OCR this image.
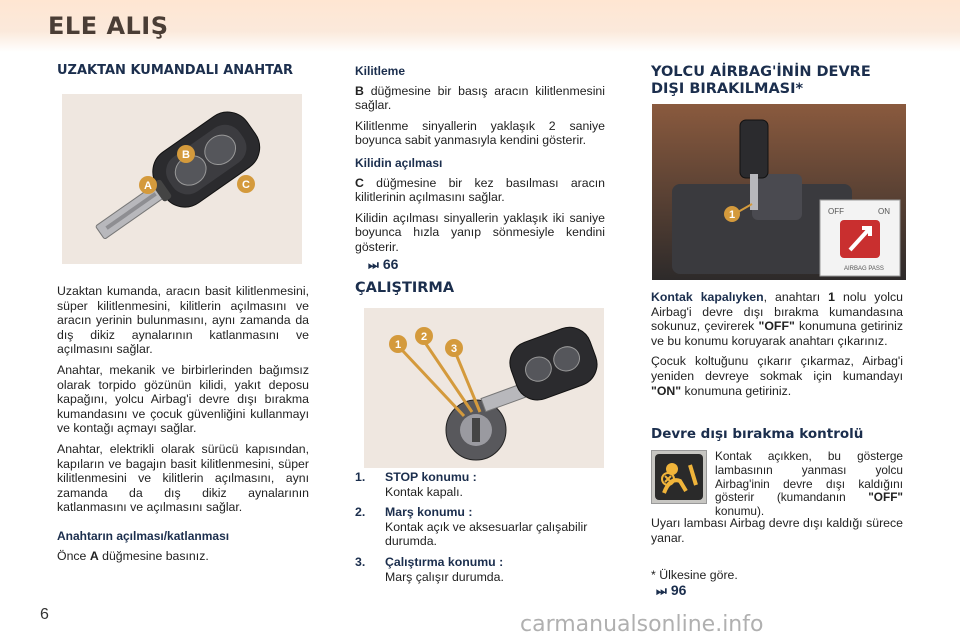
ELE ALIŞ
UZAKTAN KUMANDALI ANAHTAR
A
B
C

Uzaktan kumanda, aracın basit kilitlenmesini, süper kilitlenmesini, kilitlerin açılmasını ve aracın yerinin bulunmasını, aynı zamanda da dış dikiz aynalarının katlanmasını ve açılmasını sağlar.

Anahtar, mekanik ve birbirlerinden bağımsız olarak torpido gözünün kilidi, yakıt deposu kapağını, yolcu Airbag'i devre dışı bırakma kumandasını ve çocuk güvenliğini kullanmayı ve kontağı açmayı sağlar.

Anahtar, elektrikli olarak sürücü kapısından, kapıların ve bagajın basit kilitlenmesini, süper kilitlenmesini ve kilitlerin açılmasını, aynı zamanda da dış dikiz aynalarının katlanmasını ve açılmasını sağlar.

Anahtarın açılması/katlanması

Önce A düğmesine basınız.

Kilitleme

B düğmesine bir basış aracın kilitlenmesini sağlar.

Kilitlenme sinyallerin yaklaşık 2 saniye boyunca sabit yanmasıyla kendini gösterir.

Kilidin açılması

C düğmesine bir kez basılması aracın kilitlerinin açılmasını sağlar.

Kilidin açılması sinyallerin yaklaşık iki saniye boyunca hızla yanıp sönmesiyle kendini gösterir.

⏭ 66
ÇALIŞTIRMA
1
2
3
1. STOP konumu :
Kontak kapalı.
2. Marş konumu :
Kontak açık ve aksesuarlar çalışabilir durumda.
3. Çalıştırma konumu :
Marş çalışır durumda.
YOLCU AİRBAG'İNİN DEVRE
DIŞI BIRAKILMASI*
1	OFF	ON
AIRBAG PASS

Kontak kapalıyken, anahtarı 1 nolu yolcu Airbag'i devre dışı bırakma kumandasına sokunuz, çevirerek "OFF" konumuna getiriniz ve bu konumu koruyarak anahtarı çıkarınız.

Çocuk koltuğunu çıkarır çıkarmaz, Airbag'i yeniden devreye sokmak için kumandayı "ON" konumuna getiriniz.

Devre dışı bırakma kontrolü

Kontak açıkken, bu gösterge lambasının yanması yolcu Airbag'inin devre dışı kaldığını gösterir (kumandanın "OFF" konumu).

Uyarı lambası Airbag devre dışı kaldığı sürece yanar.

* Ülkesine göre.
⏭ 96
6	carmanualsonline.info
